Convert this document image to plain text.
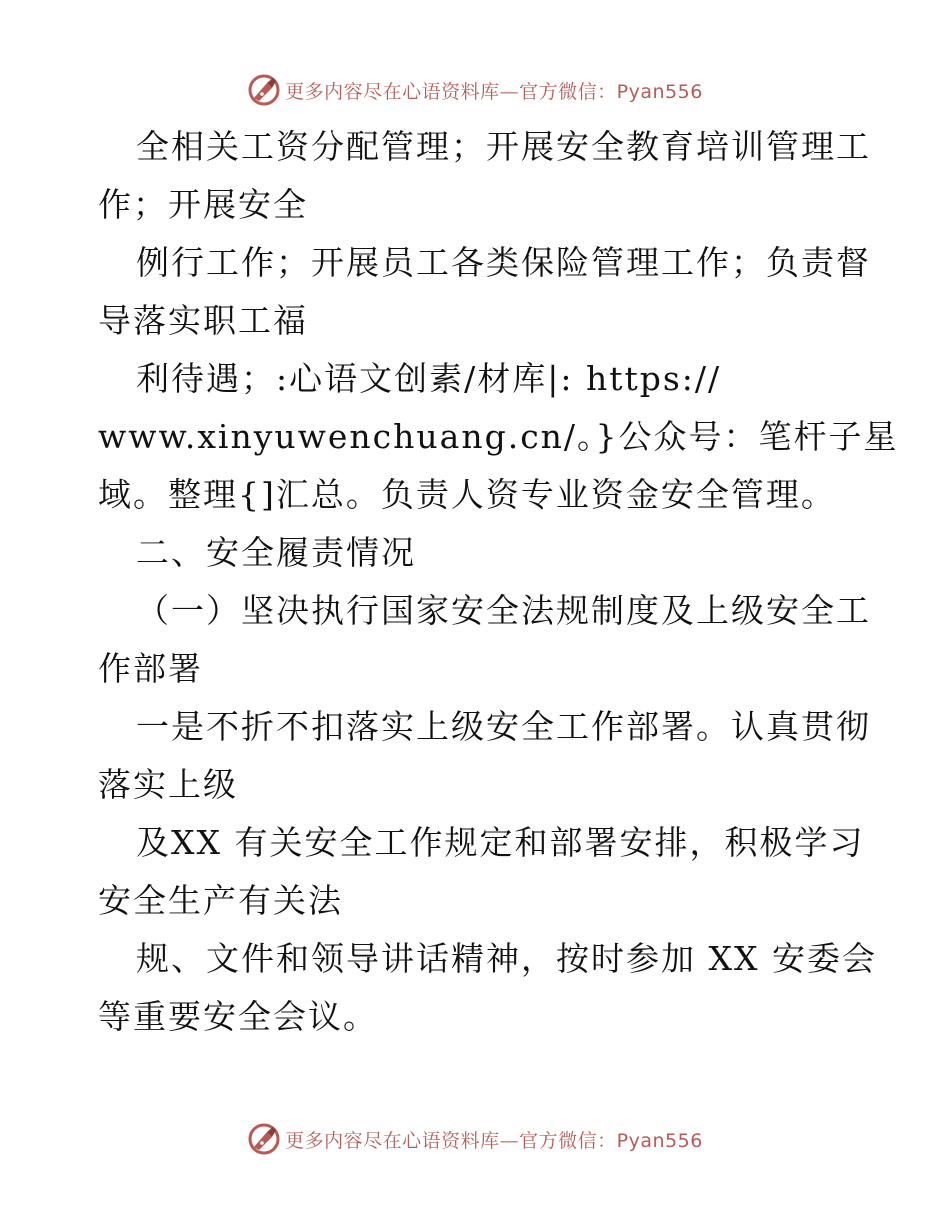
更多内容尽在心语资料库—官方微信：Pyan556
全相关工资分配管理；开展安全教育培训管理工
作；开展安全
例行工作；开展员工各类保险管理工作；负责督
导落实职工福
利待遇；:心语文创素/材库|: https://
www.xinyuwenchuang.cn/。}公众号：笔杆子星
域。整理{]汇总。负责人资专业资金安全管理。
二、安全履责情况
（一）坚决执行国家安全法规制度及上级安全工
作部署
一是不折不扣落实上级安全工作部署。认真贯彻
落实上级
及XX 有关安全工作规定和部署安排，积极学习
安全生产有关法
规、文件和领导讲话精神，按时参加 XX 安委会
等重要安全会议。
更多内容尽在心语资料库—官方微信：Pyan556
